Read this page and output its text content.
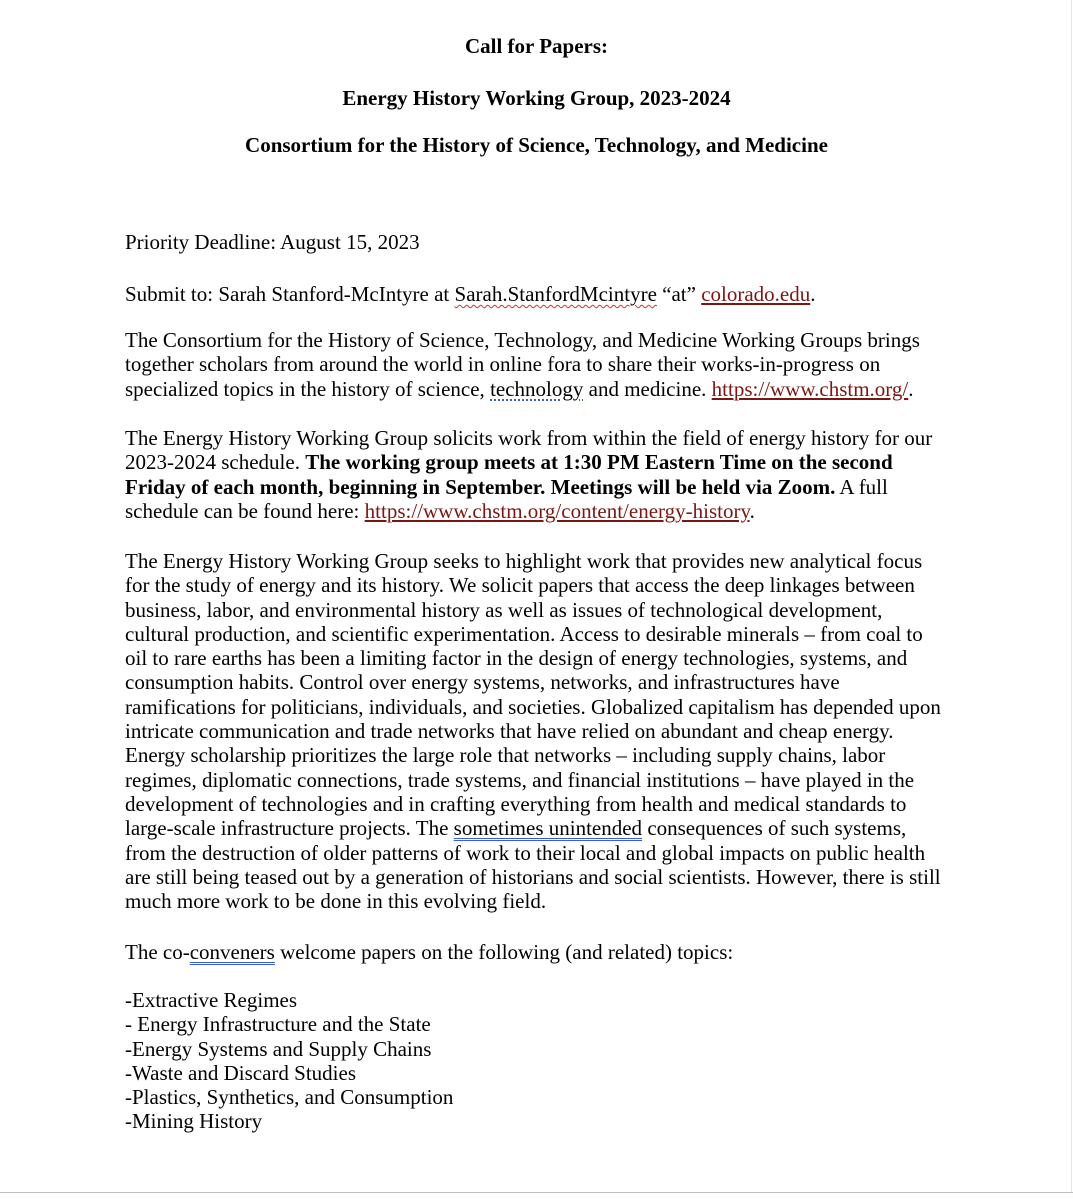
Call for Papers:
Energy History Working Group, 2023-2024
Consortium for the History of Science, Technology, and Medicine
Priority Deadline: August 15, 2023
Submit to: Sarah Stanford-McIntyre at Sarah.StanfordMcintyre “at” colorado.edu.
The Consortium for the History of Science, Technology, and Medicine Working Groups brings
together scholars from around the world in online fora to share their works-in-progress on
specialized topics in the history of science, technology and medicine. https://www.chstm.org/.
The Energy History Working Group solicits work from within the field of energy history for our
2023-2024 schedule. The working group meets at 1:30 PM Eastern Time on the second
Friday of each month, beginning in September. Meetings will be held via Zoom. A full
schedule can be found here: https://www.chstm.org/content/energy-history.
The Energy History Working Group seeks to highlight work that provides new analytical focus
for the study of energy and its history. We solicit papers that access the deep linkages between
business, labor, and environmental history as well as issues of technological development,
cultural production, and scientific experimentation. Access to desirable minerals – from coal to
oil to rare earths has been a limiting factor in the design of energy technologies, systems, and
consumption habits. Control over energy systems, networks, and infrastructures have
ramifications for politicians, individuals, and societies. Globalized capitalism has depended upon
intricate communication and trade networks that have relied on abundant and cheap energy.
Energy scholarship prioritizes the large role that networks – including supply chains, labor
regimes, diplomatic connections, trade systems, and financial institutions – have played in the
development of technologies and in crafting everything from health and medical standards to
large-scale infrastructure projects. The sometimes unintended consequences of such systems,
from the destruction of older patterns of work to their local and global impacts on public health
are still being teased out by a generation of historians and social scientists. However, there is still
much more work to be done in this evolving field.
The co-conveners welcome papers on the following (and related) topics:
-Extractive Regimes
- Energy Infrastructure and the State
-Energy Systems and Supply Chains
-Waste and Discard Studies
-Plastics, Synthetics, and Consumption
-Mining History
